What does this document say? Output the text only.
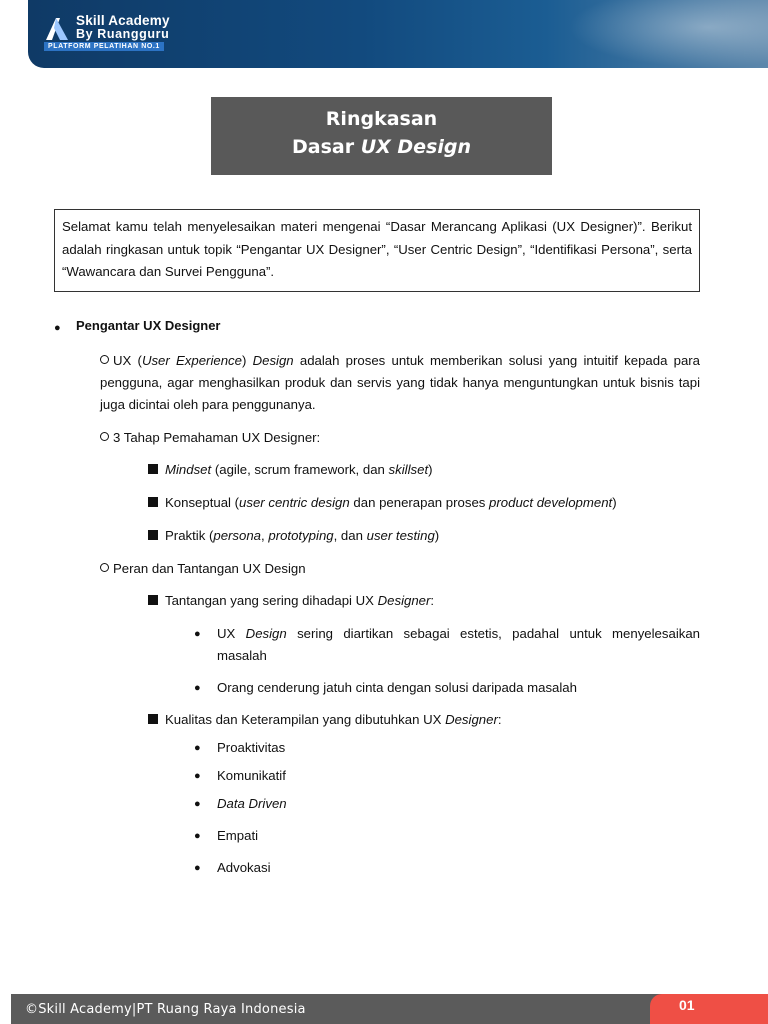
Skill Academy
By Ruangguru
PLATFORM PELATIHAN NO.1
Ringkasan
Dasar UX Design
Selamat kamu telah menyelesaikan materi mengenai “Dasar Merancang Aplikasi (UX Designer)”. Berikut adalah ringkasan untuk topik “Pengantar UX Designer”, “User Centric Design”, “Identifikasi Persona”, serta “Wawancara dan Survei Pengguna”.
● Pengantar UX Designer
UX (User Experience) Design adalah proses untuk memberikan solusi yang intuitif kepada para pengguna, agar menghasilkan produk dan servis yang tidak hanya menguntungkan untuk bisnis tapi juga dicintai oleh para penggunanya.
3 Tahap Pemahaman UX Designer:
Mindset (agile, scrum framework, dan skillset)
Konseptual (user centric design dan penerapan proses product development)
Praktik (persona, prototyping, dan user testing)
Peran dan Tantangan UX Design
Tantangan yang sering dihadapi UX Designer:
● UX Design sering diartikan sebagai estetis, padahal untuk menyelesaikan masalah
● Orang cenderung jatuh cinta dengan solusi daripada masalah
Kualitas dan Keterampilan yang dibutuhkan UX Designer:
● Proaktivitas
● Komunikatif
● Data Driven
● Empati
● Advokasi
©Skill Academy|PT Ruang Raya Indonesia	01
